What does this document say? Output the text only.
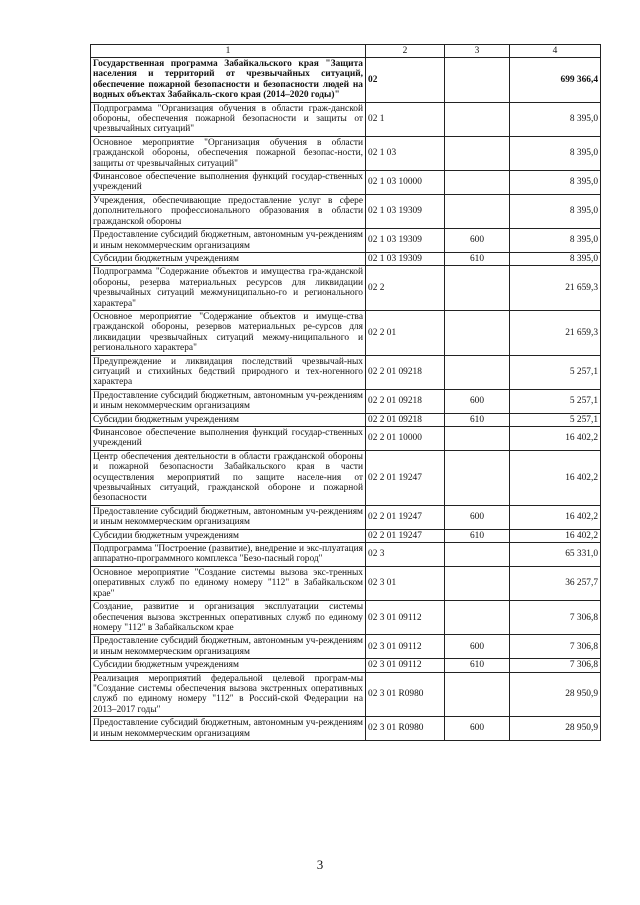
1	2	3	4
Государственная программа Забайкальского края "Защита населения и территорий от чрезвычайных ситуаций, обеспечение пожарной безопасности и безопасности людей на водных объектах Забайкаль-ского края (2014–2020 годы)"	02		699 366,4
Подпрограмма "Организация обучения в области граж-данской обороны, обеспечения пожарной безопасности и защиты от чрезвычайных ситуаций"	02 1		8 395,0
Основное мероприятие "Организация обучения в области гражданской обороны, обеспечения пожарной безопас-ности, защиты от чрезвычайных ситуаций"	02 1 03		8 395,0
Финансовое обеспечение выполнения функций государ-ственных учреждений	02 1 03 10000		8 395,0
Учреждения, обеспечивающие предоставление услуг в сфере дополнительного профессионального образования в области гражданской обороны	02 1 03 19309		8 395,0
Предоставление субсидий бюджетным, автономным уч-реждениям и иным некоммерческим организациям	02 1 03 19309	600	8 395,0
Субсидии бюджетным учреждениям	02 1 03 19309	610	8 395,0
Подпрограмма "Содержание объектов и имущества гра-жданской обороны, резерва материальных ресурсов для ликвидации чрезвычайных ситуаций межмуниципально-го и регионального характера"	02 2		21 659,3
Основное мероприятие "Содержание объектов и имуще-ства гражданской обороны, резервов материальных ре-сурсов для ликвидации чрезвычайных ситуаций межму-ниципального и регионального характера"	02 2 01		21 659,3
Предупреждение и ликвидация последствий чрезвычай-ных ситуаций и стихийных бедствий природного и тех-ногенного характера	02 2 01 09218		5 257,1
Предоставление субсидий бюджетным, автономным уч-реждениям и иным некоммерческим организациям	02 2 01 09218	600	5 257,1
Субсидии бюджетным учреждениям	02 2 01 09218	610	5 257,1
Финансовое обеспечение выполнения функций государ-ственных учреждений	02 2 01 10000		16 402,2
Центр обеспечения деятельности в области гражданской обороны и пожарной безопасности Забайкальского края в части осуществления мероприятий по защите населе-ния от чрезвычайных ситуаций, гражданской обороне и пожарной безопасности	02 2 01 19247		16 402,2
Предоставление субсидий бюджетным, автономным уч-реждениям и иным некоммерческим организациям	02 2 01 19247	600	16 402,2
Субсидии бюджетным учреждениям	02 2 01 19247	610	16 402,2
Подпрограмма "Построение (развитие), внедрение и экс-плуатация аппаратно-программного комплекса "Безо-пасный город"	02 3		65 331,0
Основное мероприятие "Создание системы вызова экс-тренных оперативных служб по единому номеру "112" в Забайкальском крае"	02 3 01		36 257,7
Создание, развитие и организация эксплуатации системы обеспечения вызова экстренных оперативных служб по единому номеру "112" в Забайкальском крае	02 3 01 09112		7 306,8
Предоставление субсидий бюджетным, автономным уч-реждениям и иным некоммерческим организациям	02 3 01 09112	600	7 306,8
Субсидии бюджетным учреждениям	02 3 01 09112	610	7 306,8
Реализация мероприятий федеральной целевой програм-мы "Создание системы обеспечения вызова экстренных оперативных служб по единому номеру "112" в Россий-ской Федерации на 2013–2017 годы"	02 3 01 R0980		28 950,9
Предоставление субсидий бюджетным, автономным уч-реждениям и иным некоммерческим организациям	02 3 01 R0980	600	28 950,9
3
